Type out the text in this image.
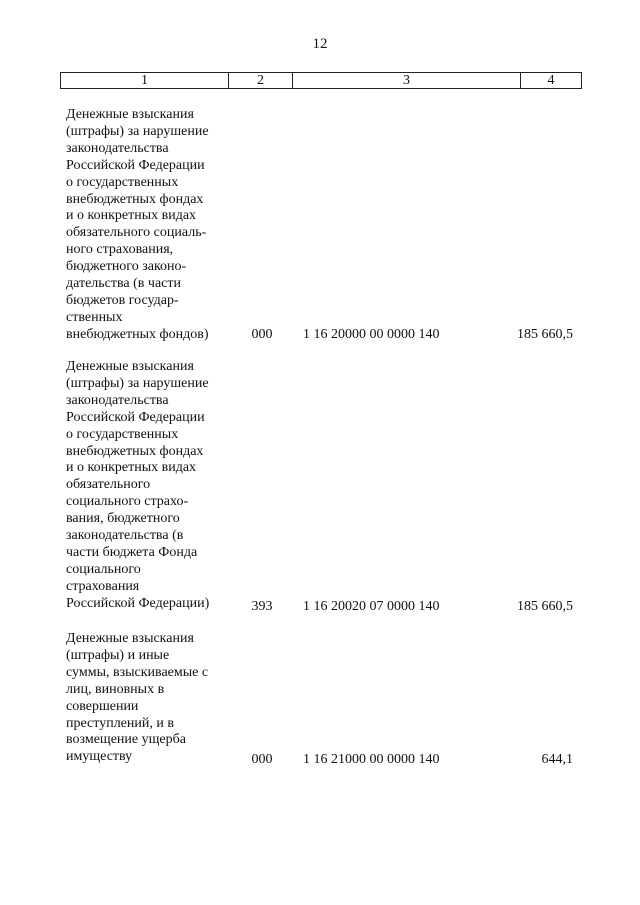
12
1	2	3	4
Денежные взыскания
(штрафы) за нарушение
законодательства
Российской Федерации
о государственных
внебюджетных фондах
и о конкретных видах
обязательного социаль-
ного страхования,
бюджетного законо-
дательства (в части
бюджетов государ-
ственных
внебюджетных фондов)	000	1 16 20000 00 0000 140	185 660,5
Денежные взыскания
(штрафы) за нарушение
законодательства
Российской Федерации
о государственных
внебюджетных фондах
и о конкретных видах
обязательного
социального страхо-
вания, бюджетного
законодательства (в
части бюджета Фонда
социального
страхования
Российской Федерации)	393	1 16 20020 07 0000 140	185 660,5
Денежные взыскания
(штрафы) и иные
суммы, взыскиваемые с
лиц, виновных в
совершении
преступлений, и в
возмещение ущерба
имуществу	000	1 16 21000 00 0000 140	644,1
